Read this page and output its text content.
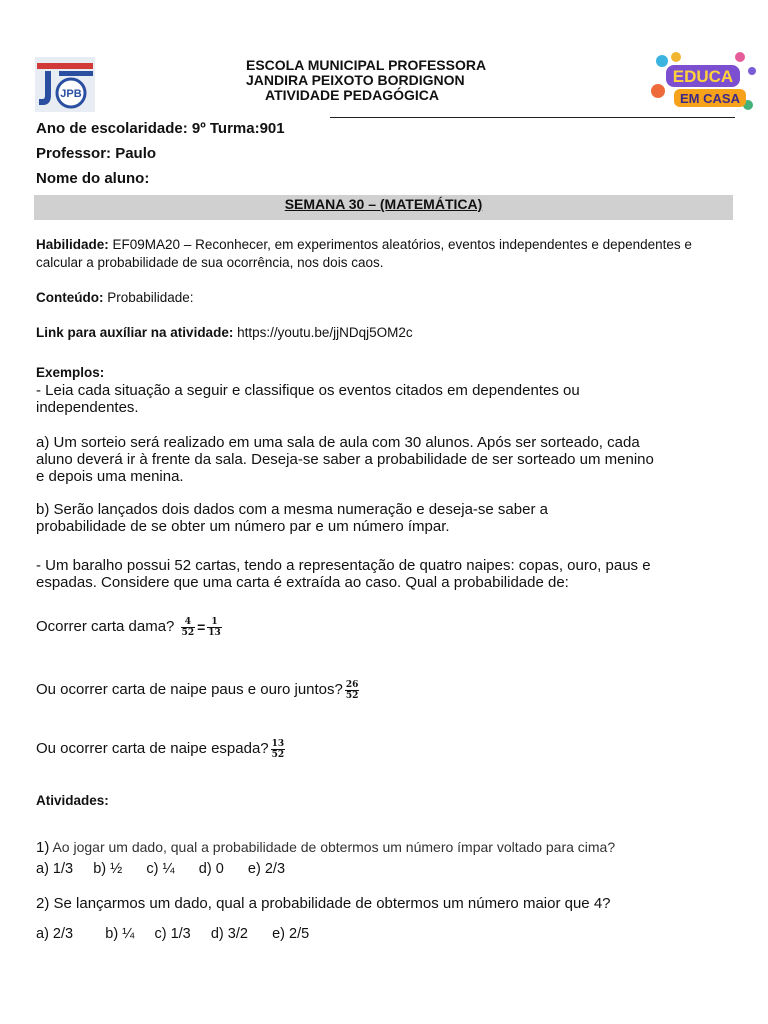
JPB
ESCOLA MUNICIPAL PROFESSORA
JANDIRA PEIXOTO BORDIGNON
ATIVIDADE PEDAGÓGICA
EDUCA
EM CASA
Ano de escolaridade: 9º Turma:901
Professor: Paulo
Nome do aluno:
SEMANA 30 – (MATEMÁTICA)
Habilidade: EF09MA20 – Reconhecer, em experimentos aleatórios, eventos independentes e dependentes e calcular a probabilidade de sua ocorrência, nos dois caos.
Conteúdo: Probabilidade:
Link para auxíliar na atividade: https://youtu.be/jjNDqj5OM2c
Exemplos:
- Leia cada situação a seguir e classifique os eventos citados em dependentes ou independentes.
a) Um sorteio será realizado em uma sala de aula com 30 alunos. Após ser sorteado, cada aluno deverá ir à frente da sala. Deseja-se saber a probabilidade de ser sorteado um menino e depois uma menina.
b) Serão lançados dois dados com a mesma numeração e deseja-se saber a probabilidade de se obter um número par e um número ímpar.
- Um baralho possui 52 cartas, tendo a representação de quatro naipes: copas, ouro, paus e espadas. Considere que uma carta é extraída ao caso. Qual a probabilidade de:
Ocorrer carta dama? $\frac{4}{52} = \frac{1}{13}$
Ou ocorrer carta de naipe paus e ouro juntos? $\frac{26}{52}$
Ou ocorrer carta de naipe espada? $\frac{13}{52}$
Atividades:
1) Ao jogar um dado, qual a probabilidade de obtermos um número ímpar voltado para cima?
a) 1/3     b) ½      c) ¼      d) 0      e) 2/3
2) Se lançarmos um dado, qual a probabilidade de obtermos um número maior que 4?
a) 2/3        b) ¼     c) 1/3     d) 3/2      e) 2/5
